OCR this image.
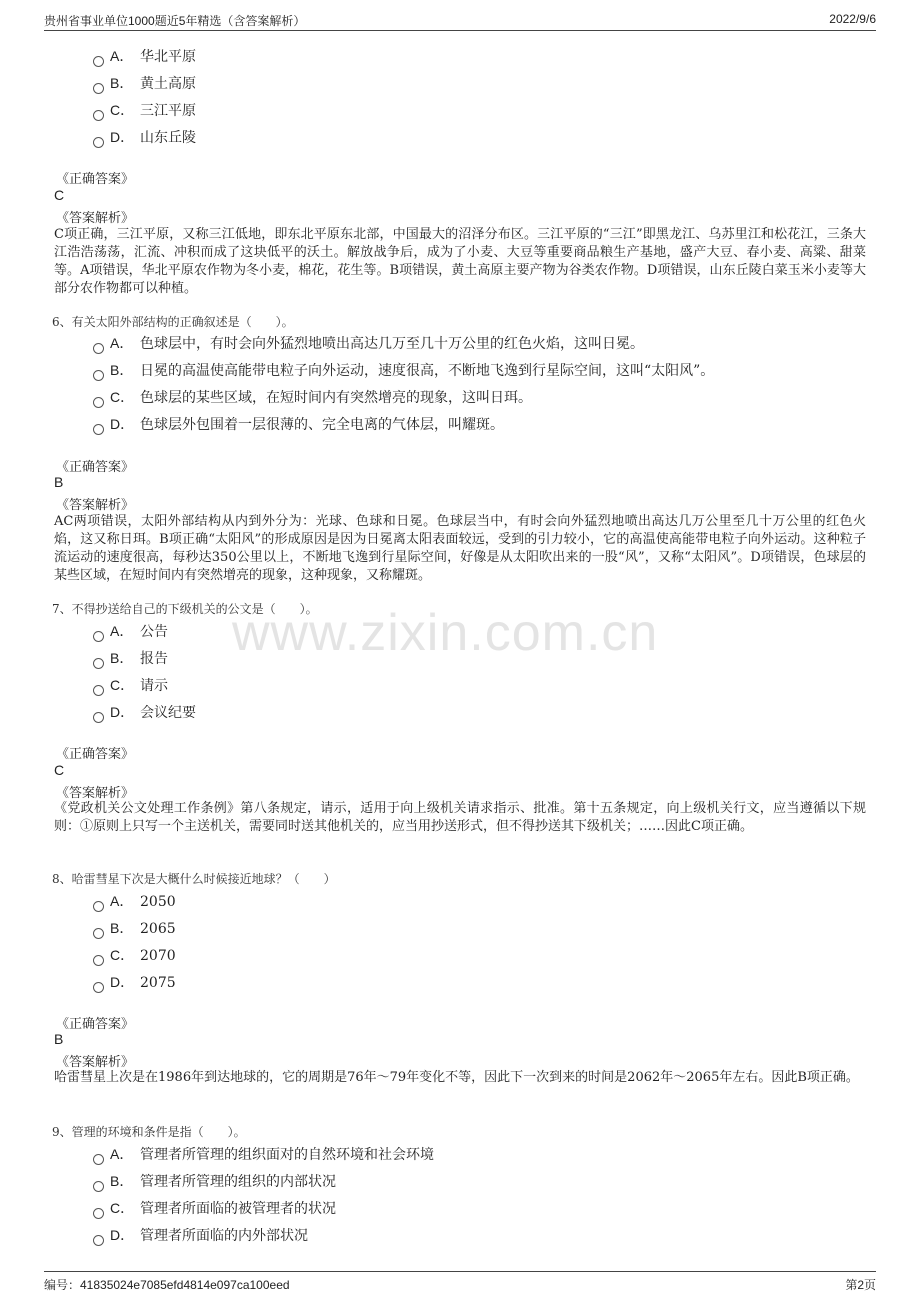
贵州省事业单位1000题近5年精选（含答案解析）	2022/9/6
www.zixin.com.cn
A． 华北平原
B． 黄土高原
C． 三江平原
D． 山东丘陵
《正确答案》
C
《答案解析》
C项正确，三江平原，又称三江低地，即东北平原东北部，中国最大的沼泽分布区。三江平原的“三江”即黑龙江、乌苏里江和松花江，三条大江浩浩荡荡，汇流、冲积而成了这块低平的沃土。解放战争后，成为了小麦、大豆等重要商品粮生产基地，盛产大豆、春小麦、高粱、甜菜等。A项错误，华北平原农作物为冬小麦，棉花，花生等。B项错误，黄土高原主要产物为谷类农作物。D项错误，山东丘陵白菜玉米小麦等大部分农作物都可以种植。
6、有关太阳外部结构的正确叙述是（　　）。
A． 色球层中，有时会向外猛烈地喷出高达几万至几十万公里的红色火焰，这叫日冕。
B． 日冕的高温使高能带电粒子向外运动，速度很高，不断地飞逸到行星际空间，这叫“太阳风”。
C． 色球层的某些区域，在短时间内有突然增亮的现象，这叫日珥。
D． 色球层外包围着一层很薄的、完全电离的气体层，叫耀斑。
《正确答案》
B
《答案解析》
AC两项错误，太阳外部结构从内到外分为：光球、色球和日冕。色球层当中，有时会向外猛烈地喷出高达几万公里至几十万公里的红色火焰，这又称日珥。B项正确“太阳风”的形成原因是因为日冕离太阳表面较远，受到的引力较小，它的高温使高能带电粒子向外运动。这种粒子流运动的速度很高，每秒达350公里以上，不断地飞逸到行星际空间，好像是从太阳吹出来的一股“风”，又称“太阳风”。D项错误，色球层的某些区域，在短时间内有突然增亮的现象，这种现象，又称耀斑。
7、不得抄送给自己的下级机关的公文是（　　）。
A． 公告
B． 报告
C． 请示
D． 会议纪要
《正确答案》
C
《答案解析》
《党政机关公文处理工作条例》第八条规定，请示，适用于向上级机关请求指示、批准。第十五条规定，向上级机关行文，应当遵循以下规则：①原则上只写一个主送机关，需要同时送其他机关的，应当用抄送形式，但不得抄送其下级机关；……因此C项正确。
8、哈雷彗星下次是大概什么时候接近地球？（　　）
A． 2050
B． 2065
C． 2070
D． 2075
《正确答案》
B
《答案解析》
哈雷彗星上次是在1986年到达地球的，它的周期是76年～79年变化不等，因此下一次到来的时间是2062年～2065年左右。因此B项正确。
9、管理的环境和条件是指（　　）。
A． 管理者所管理的组织面对的自然环境和社会环境
B． 管理者所管理的组织的内部状况
C． 管理者所面临的被管理者的状况
D． 管理者所面临的内外部状况
编号：41835024e7085efd4814e097ca100eed	第2页
